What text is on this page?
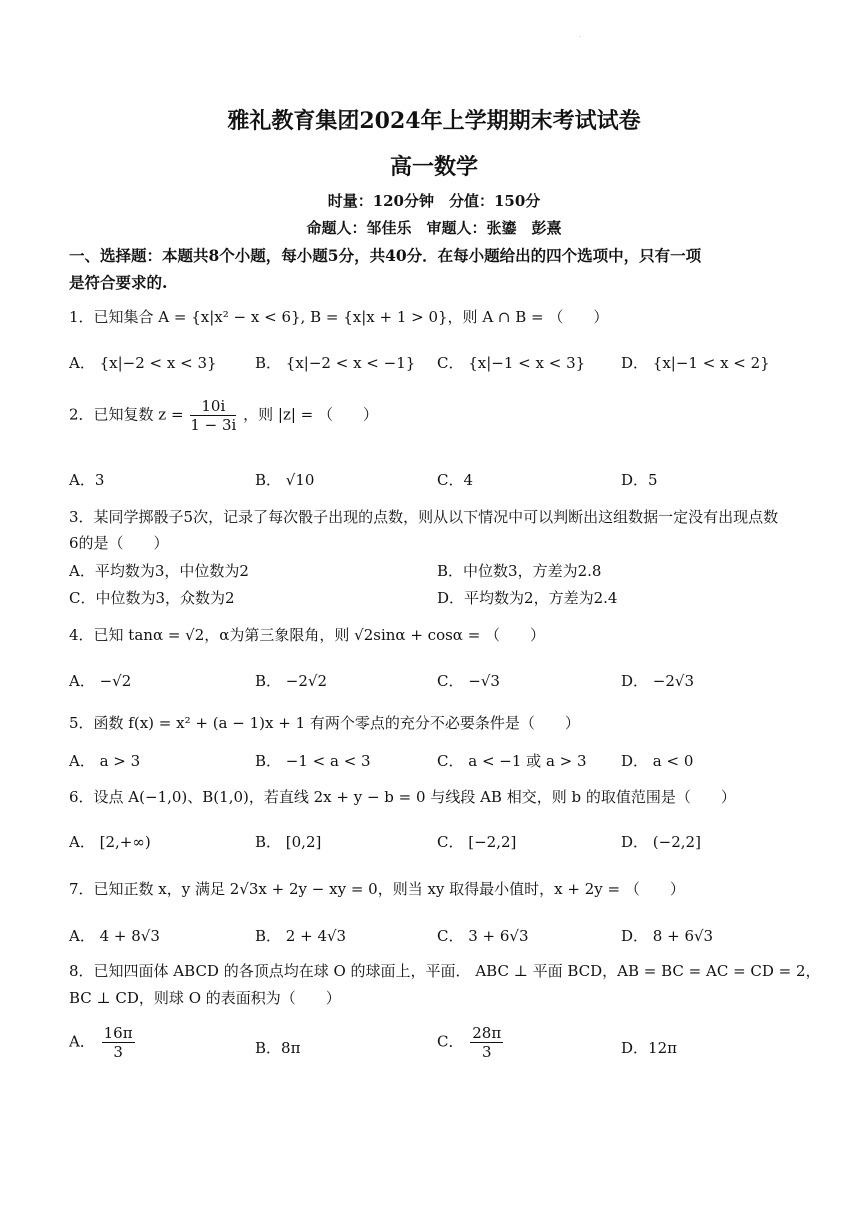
·
雅礼教育集团2024年上学期期末考试试卷
高一数学
时量：120分钟　分值：150分
命题人：邹佳乐　审题人：张鎏　彭熹
一、选择题：本题共8个小题，每小题5分，共40分．在每小题给出的四个选项中，只有一项
是符合要求的.
1．已知集合 A = {x|x² − x < 6}, B = {x|x + 1 > 0}，则 A ∩ B = （　　）
A． {x|−2 < x < 3}	B． {x|−2 < x < −1} C． {x|−1 < x < 3} D． {x|−1 < x < 2}
2．已知复数 $z = \frac{10i}{1 - 3i}$ ，则 |z| = （　　）
A．3	B． √10	C．4	D．5
3．某同学掷骰子5次，记录了每次骰子出现的点数，则从以下情况中可以判断出这组数据一定没有出现点数
6的是（　　）
A．平均数为3，中位数为2	B．中位数3，方差为2.8
C．中位数为3，众数为2	D．平均数为2，方差为2.4
4．已知 tanα = √2，α为第三象限角，则 √2sinα + cosα = （　　）
A． −√2	B． −2√2	C． −√3	D． −2√3
5．函数 f(x) = x² + (a − 1)x + 1 有两个零点的充分不必要条件是（　　）
A． a > 3	B． −1 < a < 3	C． a < −1 或 a > 3 D． a < 0
6．设点 A(−1,0)、B(1,0)，若直线 2x + y − b = 0 与线段 AB 相交，则 b 的取值范围是（　　）
A． [2,+∞)	B． [0,2]	C． [−2,2]	D． (−2,2]
7．已知正数 x，y 满足 2√3x + 2y − xy = 0，则当 xy 取得最小值时，x + 2y = （　　）
A． 4 + 8√3	B． 2 + 4√3	C． 3 + 6√3	D． 8 + 6√3
8．已知四面体 ABCD 的各顶点均在球 O 的球面上，平面． ABC ⊥ 平面 BCD，AB = BC = AC = CD = 2，
BC ⊥ CD，则球 O 的表面积为（　　）
A． $\frac{16\pi}{3}$	B．8π	C． $\frac{28\pi}{3}$	D．12π
